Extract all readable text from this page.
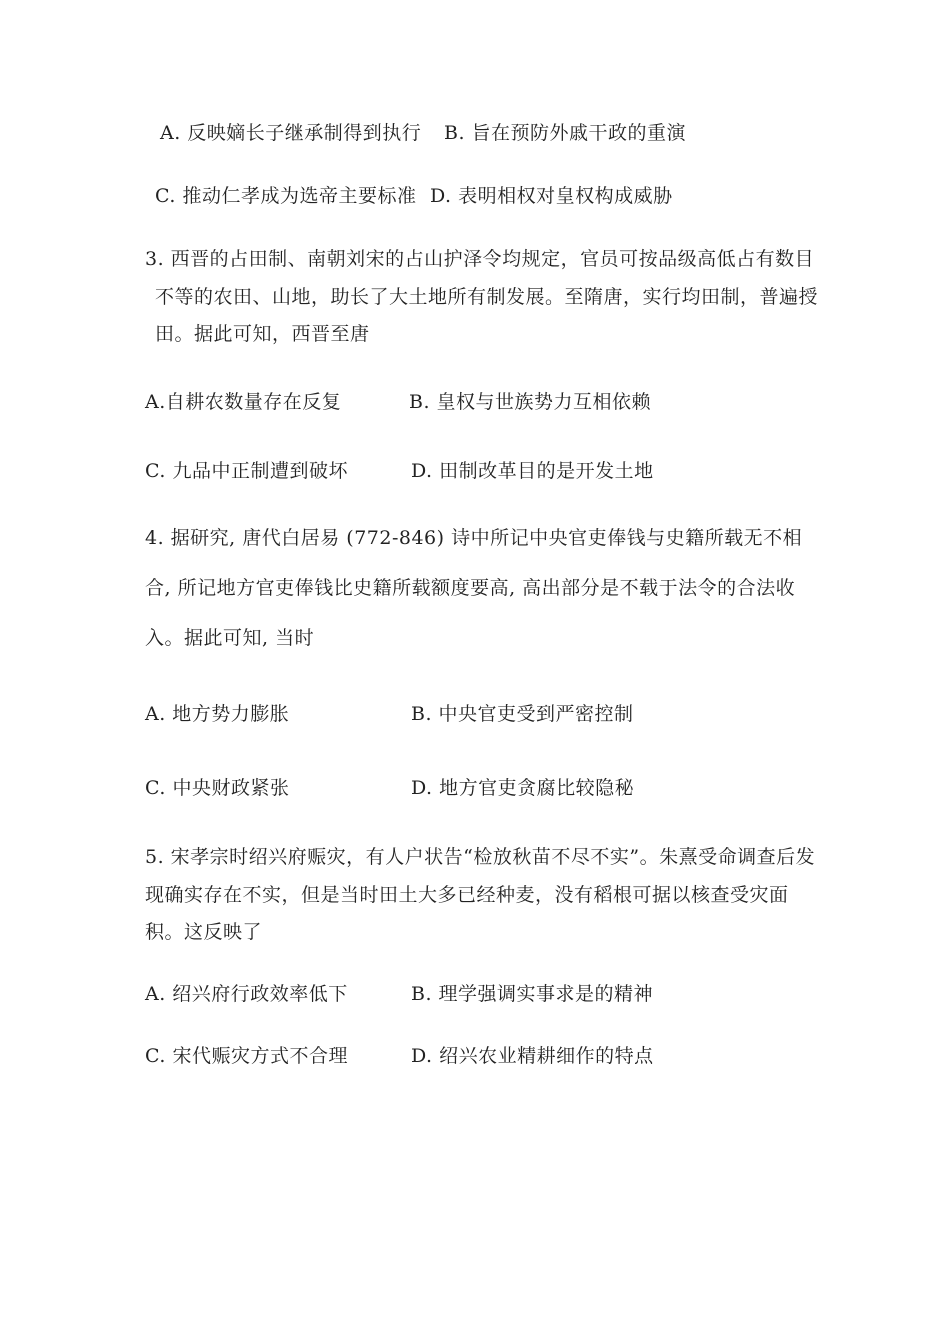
A. 反映嫡长子继承制得到执行 B. 旨在预防外戚干政的重演
C. 推动仁孝成为选帝主要标准 D. 表明相权对皇权构成威胁
3. 西晋的占田制、南朝刘宋的占山护泽令均规定，官员可按品级高低占有数目
不等的农田、山地，助长了大土地所有制发展。至隋唐，实行均田制，普遍授
田。据此可知，西晋至唐
A.自耕农数量存在反复	B. 皇权与世族势力互相依赖
C. 九品中正制遭到破坏	D. 田制改革目的是开发土地
4. 据研究, 唐代白居易 (772-846) 诗中所记中央官吏俸钱与史籍所载无不相
合, 所记地方官吏俸钱比史籍所载额度要高, 高出部分是不载于法令的合法收
入。据此可知, 当时
A. 地方势力膨胀	B. 中央官吏受到严密控制
C. 中央财政紧张	D. 地方官吏贪腐比较隐秘
5. 宋孝宗时绍兴府赈灾，有人户状告“检放秋苗不尽不实”。朱熹受命调查后发
现确实存在不实，但是当时田土大多已经种麦，没有稻根可据以核查受灾面
积。这反映了
A. 绍兴府行政效率低下	B. 理学强调实事求是的精神
C. 宋代赈灾方式不合理	D. 绍兴农业精耕细作的特点
